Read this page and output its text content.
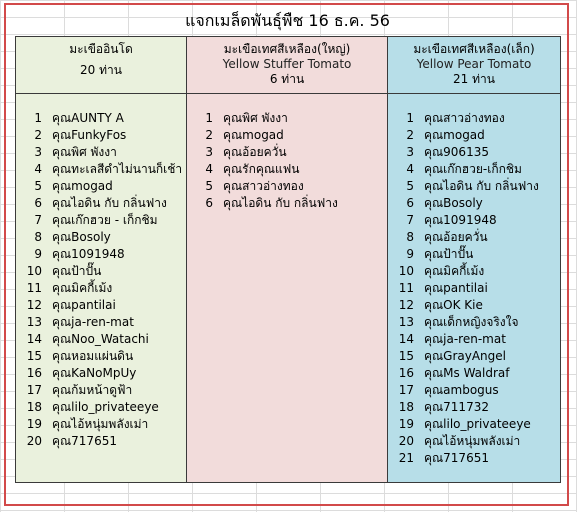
แจกเมล็ดพันธุ์พืช 16 ธ.ค. 56
มะเขืออินโด
20 ท่าน
1 คุณAUNTY A
2 คุณFunkyFos
3 คุณพิศ พังงา
4 คุณทะเลสีดำไม่นานก็เช้า
5 คุณmogad
6 คุณไอดิน กับ กลิ่นฟาง
7 คุณเก๊กฮวย - เก็กชิม
8 คุณBosoly
9 คุณ1091948
10 คุณป้าปั๊น
11 คุณมิคกี้เม้ง
12 คุณpantilai
13 คุณja-ren-mat
14 คุณNoo_Watachi
15 คุณหอมแผ่นดิน
16 คุณKaNoMpUy
17 คุณก้มหน้าดูฟ้า
18 คุณlilo_privateeye
19 คุณไอ้หนุ่มพลังเม่า
20 คุณ717651
มะเขือเทศสีเหลือง(ใหญ่)
Yellow Stuffer Tomato
6 ท่าน
1 คุณพิศ พังงา
2 คุณmogad
3 คุณอ้อยควั่น
4 คุณรักคุณแฟน
5 คุณสาวอ่างทอง
6 คุณไอดิน กับ กลิ่นฟาง
มะเขือเทศสีเหลือง(เล็ก)
Yellow Pear Tomato
21 ท่าน
1 คุณสาวอ่างทอง
2 คุณmogad
3 คุณ906135
4 คุณเก๊กฮวย-เก็กชิม
5 คุณไอดิน กับ กลิ่นฟาง
6 คุณBosoly
7 คุณ1091948
8 คุณอ้อยควั่น
9 คุณป้าปั๊น
10 คุณมิคกี้เม้ง
11 คุณpantilai
12 คุณOK Kie
13 คุณเด็กหญิงจริงใจ
14 คุณja-ren-mat
15 คุณGrayAngel
16 คุณMs Waldraf
17 คุณambogus
18 คุณ711732
19 คุณlilo_privateeye
20 คุณไอ้หนุ่มพลังเม่า
21 คุณ717651
